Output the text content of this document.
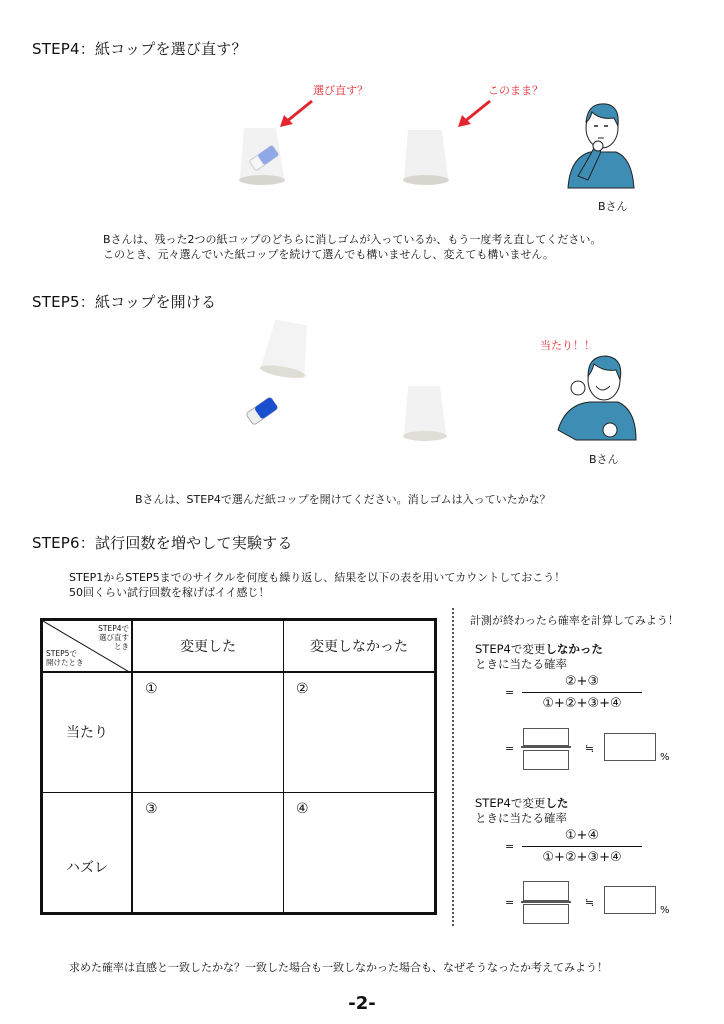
STEP4：紙コップを選び直す？
選び直す？	このまま？
Bさん
Bさんは、残った2つの紙コップのどちらに消しゴムが入っているか、もう一度考え直してください。
このとき、元々選んでいた紙コップを続けて選んでも構いませんし、変えても構いません。
STEP5：紙コップを開ける
当たり！！
Bさん
Bさんは、STEP4で選んだ紙コップを開けてください。消しゴムは入っていたかな？
STEP6：試行回数を増やして実験する
STEP1からSTEP5までのサイクルを何度も繰り返し、結果を以下の表を用いてカウントしておこう！
50回くらい試行回数を稼げばイイ感じ！
STEP4で
選び直す
とき
STEP5で
開けたとき	変更した	変更しなかった
当たり	①	②

ハズレ	③	④
計測が終わったら確率を計算してみよう！
STEP4で変更しなかった
ときに当たる確率
=
②+③
①+②+③+④
=	≒
%
STEP4で変更した
ときに当たる確率
=
①+④
①+②+③+④
=	≒
%
求めた確率は直感と一致したかな？一致した場合も一致しなかった場合も、なぜそうなったか考えてみよう！
-2-
